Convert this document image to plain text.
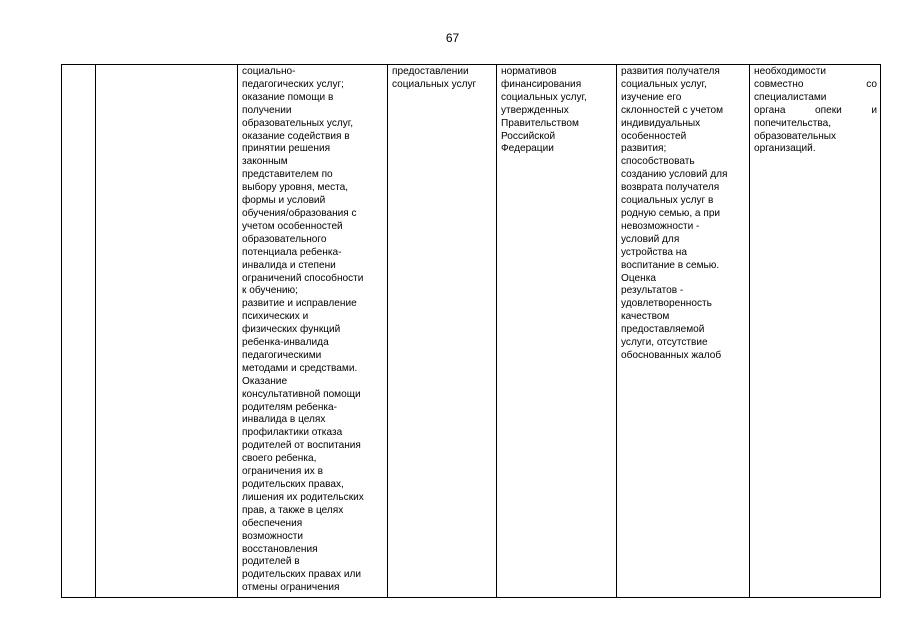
67

социально-
педагогических услуг;
оказание помощи в
получении
образовательных услуг,
оказание содействия в
принятии решения
законным
представителем по
выбору уровня, места,
формы и условий
обучения/образования с
учетом особенностей
образовательного
потенциала ребенка-
инвалида и степени
ограничений способности
к обучению;
развитие и исправление
психических и
физических функций
ребенка-инвалида
педагогическими
методами и средствами.
Оказание
консультативной помощи
родителям ребенка-
инвалида в целях
профилактики отказа
родителей от воспитания
своего ребенка,
ограничения их в
родительских правах,
лишения их родительских
прав, а также в целях
обеспечения
возможности
восстановления
родителей в
родительских правах или
отмены ограничения

предоставлении
социальных услуг

нормативов
финансирования
социальных услуг,
утвержденных
Правительством
Российской
Федерации

развития получателя
социальных услуг,
изучение его
склонностей с учетом
индивидуальных
особенностей
развития;
способствовать
созданию условий для
возврата получателя
социальных услуг в
родную семью, а при
невозможности -
условий для
устройства на
воспитание в семью.
Оценка
результатов -
удовлетворенность
качеством
предоставляемой
услуги, отсутствие
обоснованных жалоб

необходимости
совместно	со
специалистами
органа	опеки	и
попечительства,
образовательных
организаций.
